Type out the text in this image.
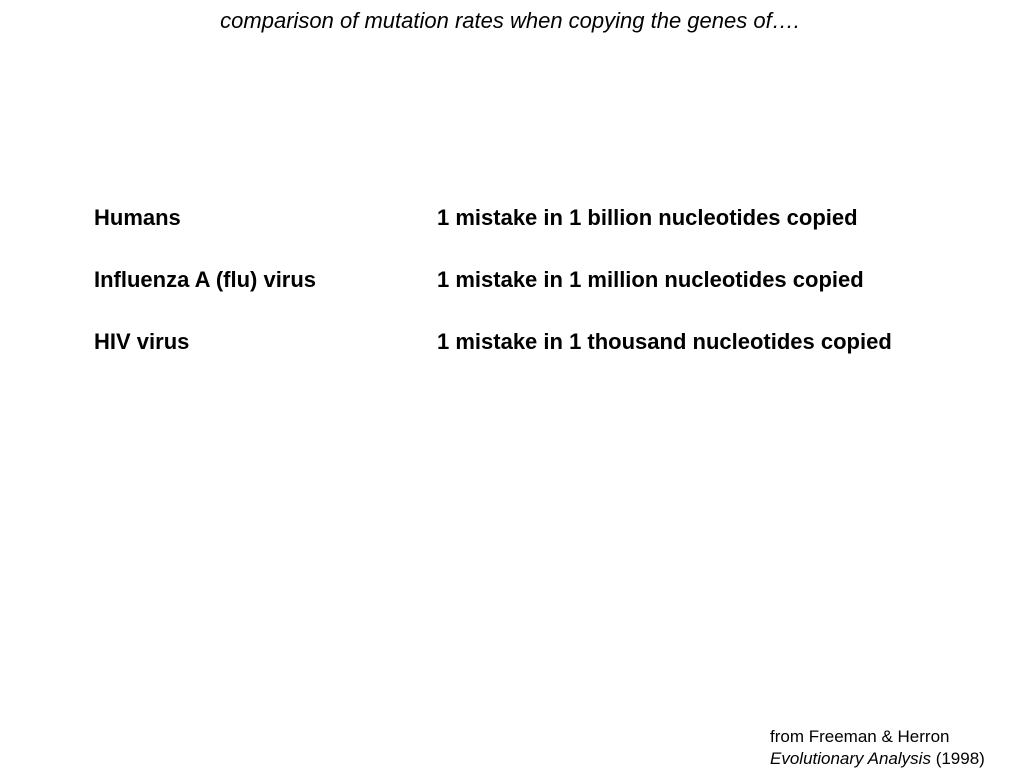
comparison of mutation rates when copying the genes of….
Humans	1 mistake in 1 billion nucleotides copied
Influenza A (flu) virus	1 mistake in 1 million nucleotides copied
HIV virus	1 mistake in 1 thousand nucleotides copied
from Freeman & Herron
Evolutionary Analysis (1998)
